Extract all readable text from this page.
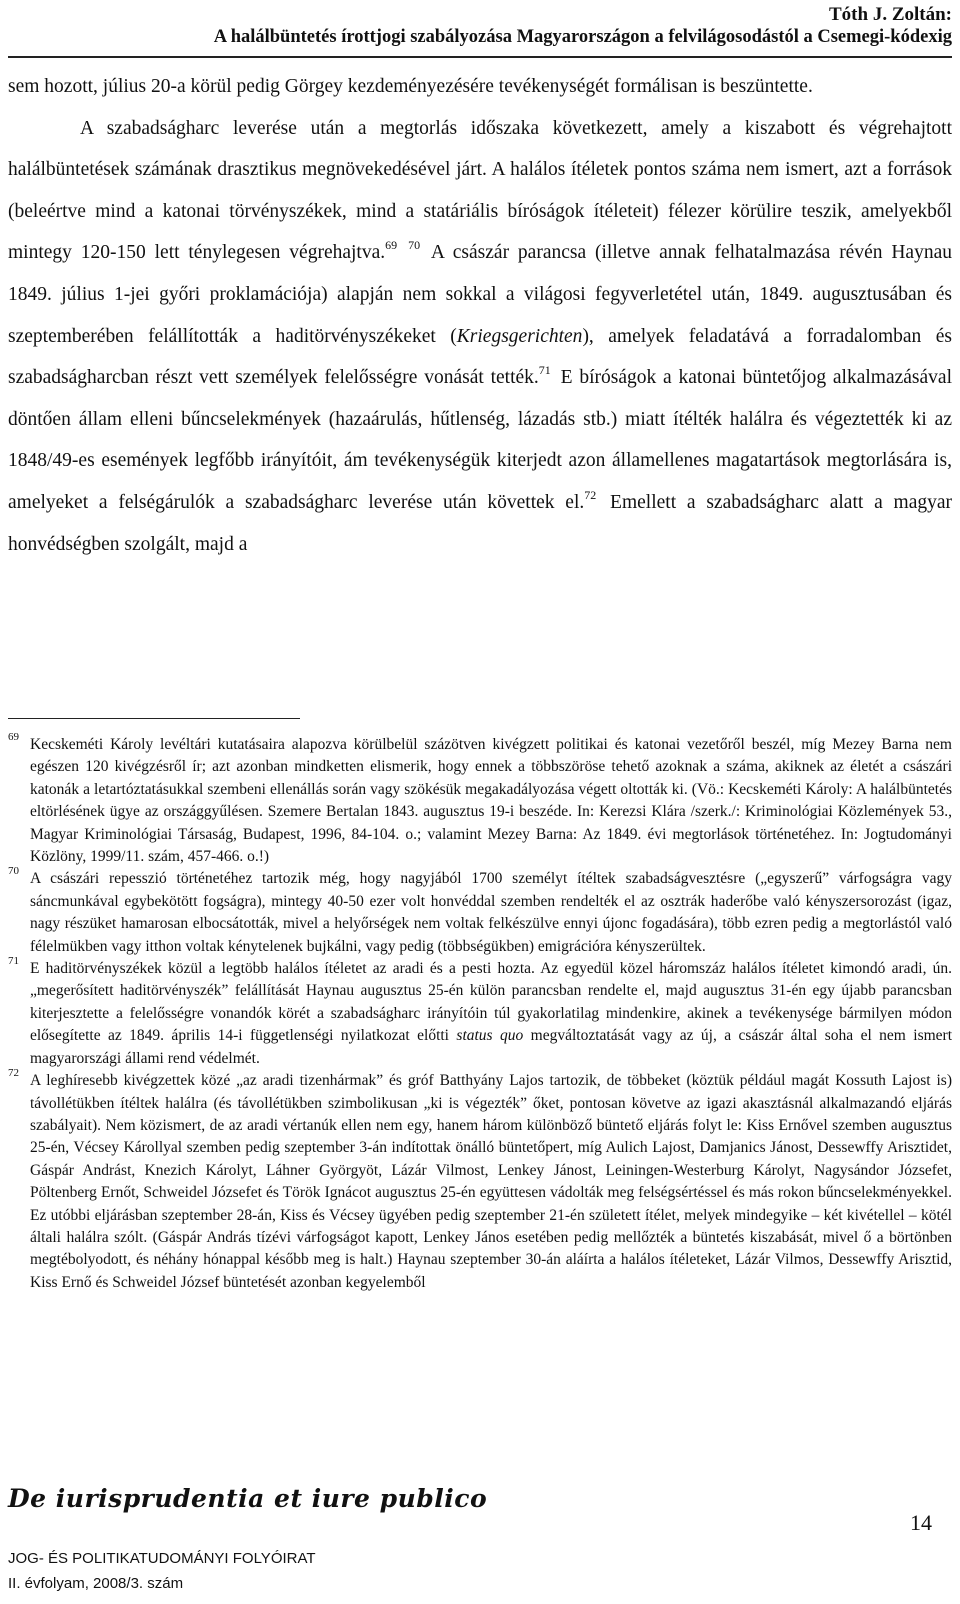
Tóth J. Zoltán:
A halálbüntetés írottjogi szabályozása Magyarországon a felvilágosodástól a Csemegi-kódexig

sem hozott, július 20-a körül pedig Görgey kezdeményezésére tevékenységét formálisan is beszüntette.

A szabadságharc leverése után a megtorlás időszaka következett, amely a kiszabott és végrehajtott halálbüntetések számának drasztikus megnövekedésével járt. A halálos ítéletek pontos száma nem ismert, azt a források (beleértve mind a katonai törvényszékek, mind a statáriális bíróságok ítéleteit) félezer körülire teszik, amelyekből mintegy 120-150 lett ténylegesen végrehajtva.$^{69}$ $^{70}$ A császár parancsa (illetve annak felhatalmazása révén Haynau 1849. július 1-jei győri proklamációja) alapján nem sokkal a világosi fegyverletétel után, 1849. augusztusában és szeptemberében felállították a haditörvényszékeket (Kriegsgerichten), amelyek feladatává a forradalomban és szabadságharcban részt vett személyek felelősségre vonását tették.$^{71}$ E bíróságok a katonai büntetőjog alkalmazásával döntően állam elleni bűncselekmények (hazaárulás, hűtlenség, lázadás stb.) miatt ítélték halálra és végeztették ki az 1848/49-es események legfőbb irányítóit, ám tevékenységük kiterjedt azon államellenes magatartások megtorlására is, amelyeket a felségárulók a szabadságharc leverése után követtek el.$^{72}$ Emellett a szabadságharc alatt a magyar honvédségben szolgált, majd a

69 Kecskeméti Károly levéltári kutatásaira alapozva körülbelül százötven kivégzett politikai és katonai vezetőről beszél, míg Mezey Barna nem egészen 120 kivégzésről ír; azt azonban mindketten elismerik, hogy ennek a többszöröse tehető azoknak a száma, akiknek az életét a császári katonák a letartóztatásukkal szembeni ellenállás során vagy szökésük megakadályozása végett oltották ki. (Vö.: Kecskeméti Károly: A halálbüntetés eltörlésének ügye az országgyűlésen. Szemere Bertalan 1843. augusztus 19-i beszéde. In: Kerezsi Klára /szerk./: Kriminológiai Közlemények 53., Magyar Kriminológiai Társaság, Budapest, 1996, 84-104. o.; valamint Mezey Barna: Az 1849. évi megtorlások történetéhez. In: Jogtudományi Közlöny, 1999/11. szám, 457-466. o.!)

70 A császári repesszió történetéhez tartozik még, hogy nagyjából 1700 személyt ítéltek szabadságvesztésre („egyszerű” várfogságra vagy sáncmunkával egybekötött fogságra), mintegy 40-50 ezer volt honvéddal szemben rendelték el az osztrák haderőbe való kényszersorozást (igaz, nagy részüket hamarosan elbocsátották, mivel a helyőrségek nem voltak felkészülve ennyi újonc fogadására), több ezren pedig a megtorlástól való félelmükben vagy itthon voltak kénytelenek bujkálni, vagy pedig (többségükben) emigrációra kényszerültek.

71 E haditörvényszékek közül a legtöbb halálos ítéletet az aradi és a pesti hozta. Az egyedül közel háromszáz halálos ítéletet kimondó aradi, ún. „megerősített haditörvényszék” felállítását Haynau augusztus 25-én külön parancsban rendelte el, majd augusztus 31-én egy újabb parancsban kiterjesztette a felelősségre vonandók körét a szabadságharc irányítóin túl gyakorlatilag mindenkire, akinek a tevékenysége bármilyen módon elősegítette az 1849. április 14-i függetlenségi nyilatkozat előtti status quo megváltoztatását vagy az új, a császár által soha el nem ismert magyarországi állami rend védelmét.

72 A leghíresebb kivégzettek közé „az aradi tizenhármak” és gróf Batthyány Lajos tartozik, de többeket (köztük például magát Kossuth Lajost is) távollétükben ítéltek halálra (és távollétükben szimbolikusan „ki is végezték” őket, pontosan követve az igazi akasztásnál alkalmazandó eljárás szabályait). Nem közismert, de az aradi vértanúk ellen nem egy, hanem három különböző büntető eljárás folyt le: Kiss Ernővel szemben augusztus 25-én, Vécsey Károllyal szemben pedig szeptember 3-án indítottak önálló büntetőpert, míg Aulich Lajost, Damjanics Jánost, Dessewffy Arisztidet, Gáspár Andrást, Knezich Károlyt, Láhner Györgyöt, Lázár Vilmost, Lenkey Jánost, Leiningen-Westerburg Károlyt, Nagysándor Józsefet, Pöltenberg Ernőt, Schweidel Józsefet és Török Ignácot augusztus 25-én együttesen vádolták meg felségsértéssel és más rokon bűncselekményekkel. Ez utóbbi eljárásban szeptember 28-án, Kiss és Vécsey ügyében pedig szeptember 21-én született ítélet, melyek mindegyike – két kivétellel – kötél általi halálra szólt. (Gáspár András tízévi várfogságot kapott, Lenkey János esetében pedig mellőzték a büntetés kiszabását, mivel ő a börtönben megtébolyodott, és néhány hónappal később meg is halt.) Haynau szeptember 30-án aláírta a halálos ítéleteket, Lázár Vilmos, Dessewffy Arisztid, Kiss Ernő és Schweidel József büntetését azonban kegyelemből

De iurisprudentia et iure publico
14
JOG- ÉS POLITIKATUDOMÁNYI FOLYÓIRAT
II. évfolyam, 2008/3. szám
